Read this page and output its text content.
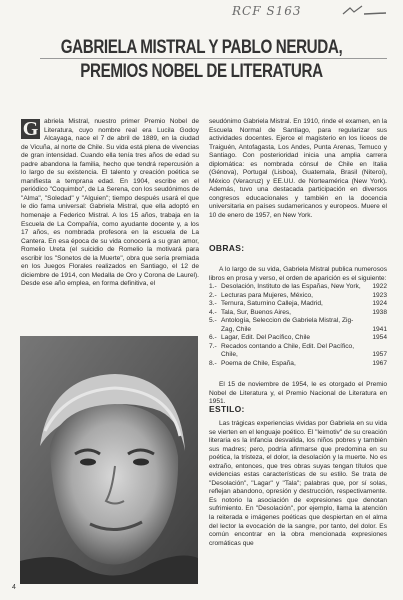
RCF S163
GABRIELA MISTRAL Y PABLO NERUDA,
PREMIOS NOBEL DE LITERATURA

G abriela Mistral, nuestro primer Premio Nobel de Literatura, cuyo nombre real era Lucila Godoy Alcayaga, nace el 7 de abril de 1889, en la ciudad de Vicuña, al norte de Chile. Su vida está plena de vivencias de gran intensidad. Cuando ella tenía tres años de edad su padre abandona la familia, hecho que tendrá repercusión a lo largo de su existencia. El talento y creación poética se manifiesta a temprana edad. En 1904, escribe en el periódico "Coquimbo", de La Serena, con los seudónimos de "Alma", "Soledad" y "Alguien"; tiempo después usará el que le dio fama universal: Gabriela Mistral, que ella adoptó en homenaje a Federico Mistral. A los 15 años, trabaja en la Escuela de La Compañía, como ayudante docente y, a los 17 años, es nombrada profesora en la escuela de La Cantera. En esa época de su vida conocerá a su gran amor, Romelio Ureta (el suicidio de Romelio la motivará para escribir los "Sonetos de la Muerte", obra que sería premiada en los Juegos Florales realizados en Santiago, el 12 de diciembre de 1914, con Medalla de Oro y Corona de Laurel). Desde ese año emplea, en forma definitiva, el

4

seudónimo Gabriela Mistral. En 1910, rinde el examen, en la Escuela Normal de Santiago, para regularizar sus actividades docentes. Ejerce el magisterio en los liceos de Traiguén, Antofagasta, Los Andes, Punta Arenas, Temuco y Santiago. Con posterioridad inicia una amplia carrera diplomática: es nombrada cónsul de Chile en Italia (Génova), Portugal (Lisboa), Guatemala, Brasil (Niteroi), México (Veracruz) y EE.UU. de Norteamérica (New York). Además, tuvo una destacada participación en diversos congresos educacionales y también en la docencia universitaria en países sudamericanos y europeos. Muere el 10 de enero de 1957, en New York.

OBRAS:

A lo largo de su vida, Gabriela Mistral publica numerosos libros en prosa y verso, el orden de aparición es el siguiente:

1.- Desolación, Instituto de las Españas, New York, 1922
2.- Lecturas para Mujeres, México,	1923
3.- Ternura, Saturnino Calleja, Madrid,	1924
4.- Tala, Sur, Buenos Aires,	1938
5.- Antología, Seleccion de Gabriela Mistral, Zig-Zag, Chile	1941
6.- Lagar, Edit. Del Pacífico, Chile	1954
7.- Recados contando a Chile, Edit. Del Pacífico, Chile,	1957
8.- Poema de Chile, España,	1967
El 15 de noviembre de 1954, le es otorgado el Premio Nobel de Literatura y, el Premio Nacional de Literatura en 1951.
ESTILO:
Las trágicas experiencias vividas por Gabriela en su vida se vierten en el lenguaje poético. El "leimotiv" de su creación literaria es la infancia desvalida, los niños pobres y también sus madres; pero, podría afirmarse que predomina en su poética, la tristeza, el dolor, la desolación y la muerte. No es extraño, entonces, que tres obras suyas tengan títulos que evidencias estas características de su estilo. Se trata de "Desolación", "Lagar" y "Tala"; palabras que, por sí solas, reflejan abandono, opresión y destrucción, respectivamente. Es notorio la asociación de expresiones que denotan sufrimiento. En "Desolación", por ejemplo, llama la atención la reiterada e imágenes poéticas que despiertan en el alma del lector la evocación de la sangre, por tanto, del dolor. Es común encontrar en la obra mencionada expresiones cromáticas que
